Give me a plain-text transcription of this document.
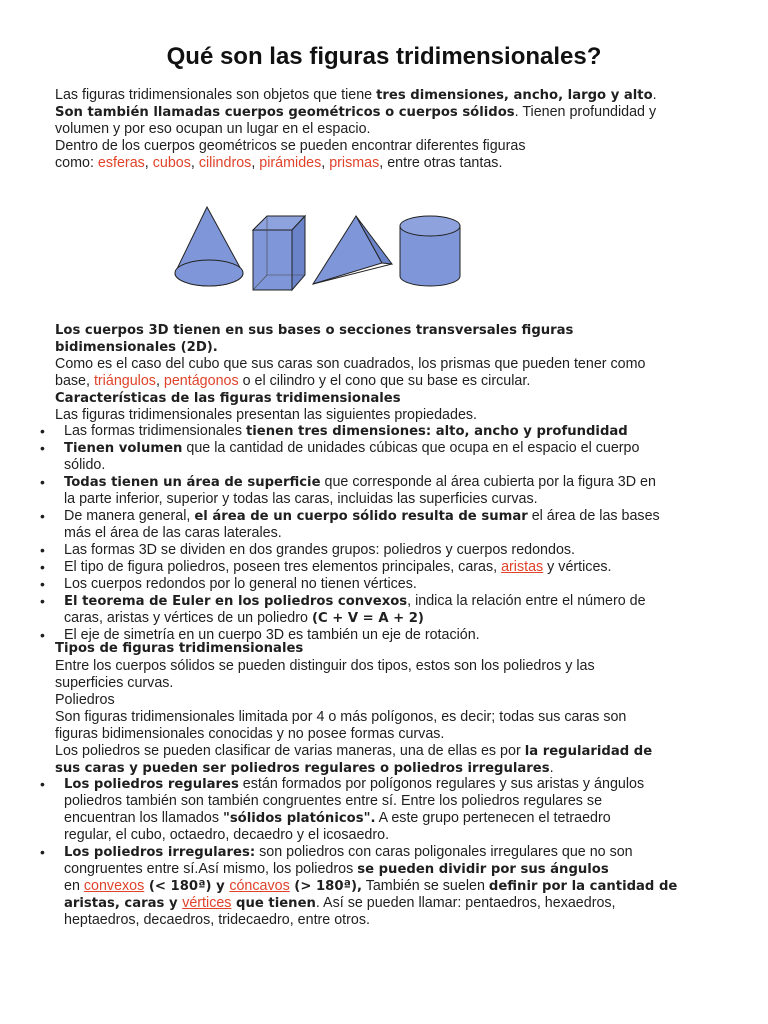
Qué son las figuras tridimensionales?
Las figuras tridimensionales son objetos que tiene tres dimensiones, ancho, largo y alto.
Son también llamadas cuerpos geométricos o cuerpos sólidos. Tienen profundidad y
volumen y por eso ocupan un lugar en el espacio.
Dentro de los cuerpos geométricos se pueden encontrar diferentes figuras
como: esferas, cubos, cilindros, pirámides, prismas, entre otras tantas.
Los cuerpos 3D tienen en sus bases o secciones transversales figuras
bidimensionales (2D).
Como es el caso del cubo que sus caras son cuadrados, los prismas que pueden tener como
base, triángulos, pentágonos o el cilindro y el cono que su base es circular.
Características de las figuras tridimensionales
Las figuras tridimensionales presentan las siguientes propiedades.
• Las formas tridimensionales tienen tres dimensiones: alto, ancho y profundidad
• Tienen volumen que la cantidad de unidades cúbicas que ocupa en el espacio el cuerpo
sólido.
• Todas tienen un área de superficie que corresponde al área cubierta por la figura 3D en
la parte inferior, superior y todas las caras, incluidas las superficies curvas.
• De manera general, el área de un cuerpo sólido resulta de sumar el área de las bases
más el área de las caras laterales.
• Las formas 3D se dividen en dos grandes grupos: poliedros y cuerpos redondos.
• El tipo de figura poliedros, poseen tres elementos principales, caras, aristas y vértices.
• Los cuerpos redondos por lo general no tienen vértices.
• El teorema de Euler en los poliedros convexos, indica la relación entre el número de
caras, aristas y vértices de un poliedro (C + V = A + 2)
• El eje de simetría en un cuerpo 3D es también un eje de rotación.
Tipos de figuras tridimensionales
Entre los cuerpos sólidos se pueden distinguir dos tipos, estos son los poliedros y las
superficies curvas.
Poliedros
Son figuras tridimensionales limitada por 4 o más polígonos, es decir; todas sus caras son
figuras bidimensionales conocidas y no posee formas curvas.
Los poliedros se pueden clasificar de varias maneras, una de ellas es por la regularidad de
sus caras y pueden ser poliedros regulares o poliedros irregulares.
• Los poliedros regulares están formados por polígonos regulares y sus aristas y ángulos
poliedros también son también congruentes entre sí. Entre los poliedros regulares se
encuentran los llamados "sólidos platónicos". A este grupo pertenecen el tetraedro
regular, el cubo, octaedro, decaedro y el icosaedro.
• Los poliedros irregulares: son poliedros con caras poligonales irregulares que no son
congruentes entre sí.Así mismo, los poliedros se pueden dividir por sus ángulos
en convexos (< 180ª) y cóncavos (> 180ª), También se suelen definir por la cantidad de
aristas, caras y vértices que tienen. Así se pueden llamar: pentaedros, hexaedros,
heptaedros, decaedros, tridecaedro, entre otros.
